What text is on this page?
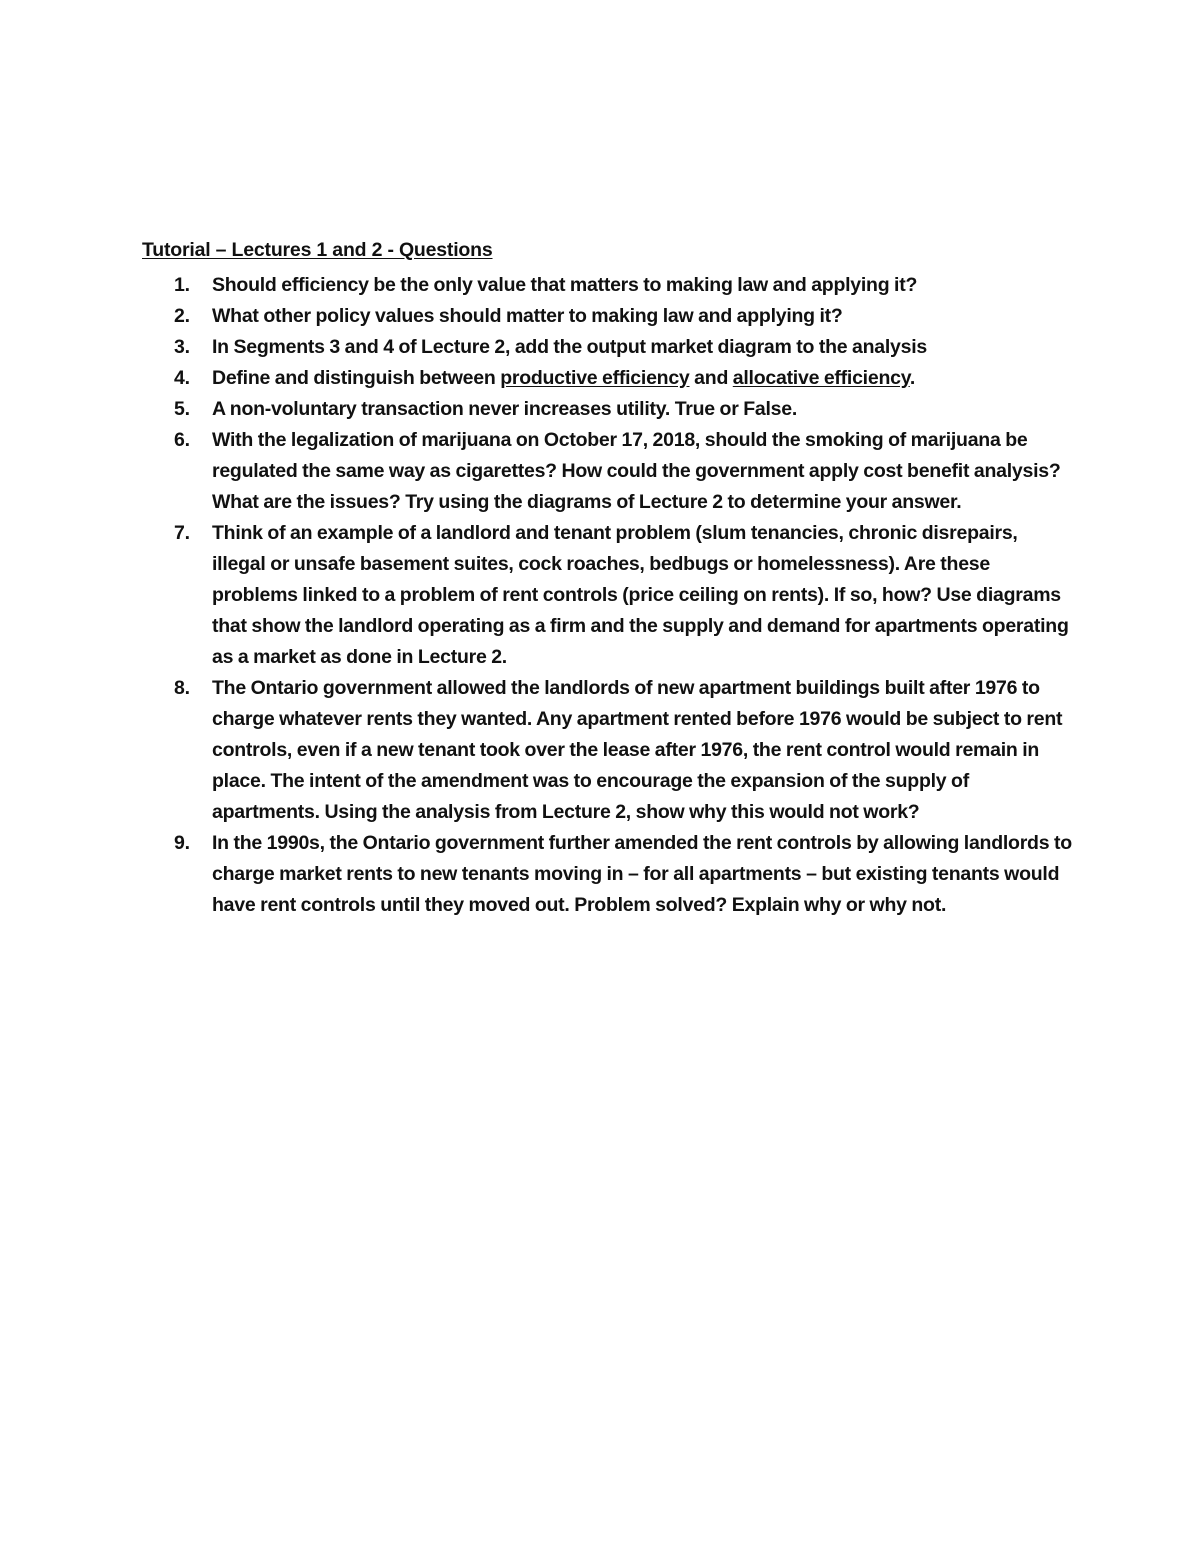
Tutorial – Lectures 1 and 2 - Questions
1.	Should efficiency be the only value that matters to making law and applying it?
2.	What other policy values should matter to making law and applying it?
3.	In Segments 3 and 4 of Lecture 2, add the output market diagram to the analysis
4.	Define and distinguish between productive efficiency and allocative efficiency.
5.	A non-voluntary transaction never increases utility. True or False.
6.	With the legalization of marijuana on October 17, 2018, should the smoking of marijuana be regulated the same way as cigarettes? How could the government apply cost benefit analysis? What are the issues? Try using the diagrams of Lecture 2 to determine your answer.
7.	Think of an example of a landlord and tenant problem (slum tenancies, chronic disrepairs, illegal or unsafe basement suites, cock roaches, bedbugs or homelessness). Are these problems linked to a problem of rent controls (price ceiling on rents). If so, how? Use diagrams that show the landlord operating as a firm and the supply and demand for apartments operating as a market as done in Lecture 2.
8.	The Ontario government allowed the landlords of new apartment buildings built after 1976 to charge whatever rents they wanted. Any apartment rented before 1976 would be subject to rent controls, even if a new tenant took over the lease after 1976, the rent control would remain in place. The intent of the amendment was to encourage the expansion of the supply of apartments. Using the analysis from Lecture 2, show why this would not work?
9.	In the 1990s, the Ontario government further amended the rent controls by allowing landlords to charge market rents to new tenants moving in – for all apartments – but existing tenants would have rent controls until they moved out. Problem solved? Explain why or why not.
